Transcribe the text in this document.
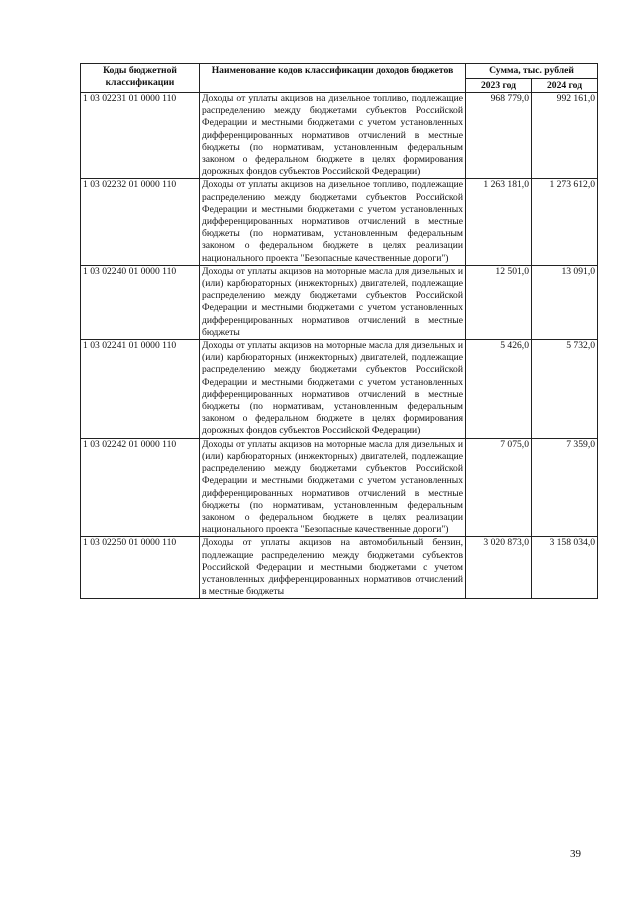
Коды бюджетной классификации	Наименование кодов классификации доходов бюджетов	Сумма, тыс. рублей	
		2023 год	2024 год
1 03 02231 01 0000 110	Доходы от уплаты акцизов на дизельное топливо, подлежащие распределению между бюджетами субъектов Российской Федерации и местными бюджетами с учетом установленных дифференцированных нормативов отчислений в местные бюджеты (по нормативам, установленным федеральным законом о федеральном бюджете в целях формирования дорожных фондов субъектов Российской Федерации)	968 779,0	992 161,0
1 03 02232 01 0000 110	Доходы от уплаты акцизов на дизельное топливо, подлежащие распределению между бюджетами субъектов Российской Федерации и местными бюджетами с учетом установленных дифференцированных нормативов отчислений в местные бюджеты (по нормативам, установленным федеральным законом о федеральном бюджете в целях реализации национального проекта "Безопасные качественные дороги")	1 263 181,0	1 273 612,0
1 03 02240 01 0000 110	Доходы от уплаты акцизов на моторные масла для дизельных и (или) карбюраторных (инжекторных) двигателей, подлежащие распределению между бюджетами субъектов Российской Федерации и местными бюджетами с учетом установленных дифференцированных нормативов отчислений в местные бюджеты	12 501,0	13 091,0
1 03 02241 01 0000 110	Доходы от уплаты акцизов на моторные масла для дизельных и (или) карбюраторных (инжекторных) двигателей, подлежащие распределению между бюджетами субъектов Российской Федерации и местными бюджетами с учетом установленных дифференцированных нормативов отчислений в местные бюджеты (по нормативам, установленным федеральным законом о федеральном бюджете в целях формирования дорожных фондов субъектов Российской Федерации)	5 426,0	5 732,0
1 03 02242 01 0000 110	Доходы от уплаты акцизов на моторные масла для дизельных и (или) карбюраторных (инжекторных) двигателей, подлежащие распределению между бюджетами субъектов Российской Федерации и местными бюджетами с учетом установленных дифференцированных нормативов отчислений в местные бюджеты (по нормативам, установленным федеральным законом о федеральном бюджете в целях реализации национального проекта "Безопасные качественные дороги")	7 075,0	7 359,0
1 03 02250 01 0000 110	Доходы от уплаты акцизов на автомобильный бензин, подлежащие распределению между бюджетами субъектов Российской Федерации и местными бюджетами с учетом установленных дифференцированных нормативов отчислений в местные бюджеты	3 020 873,0	3 158 034,0
39
